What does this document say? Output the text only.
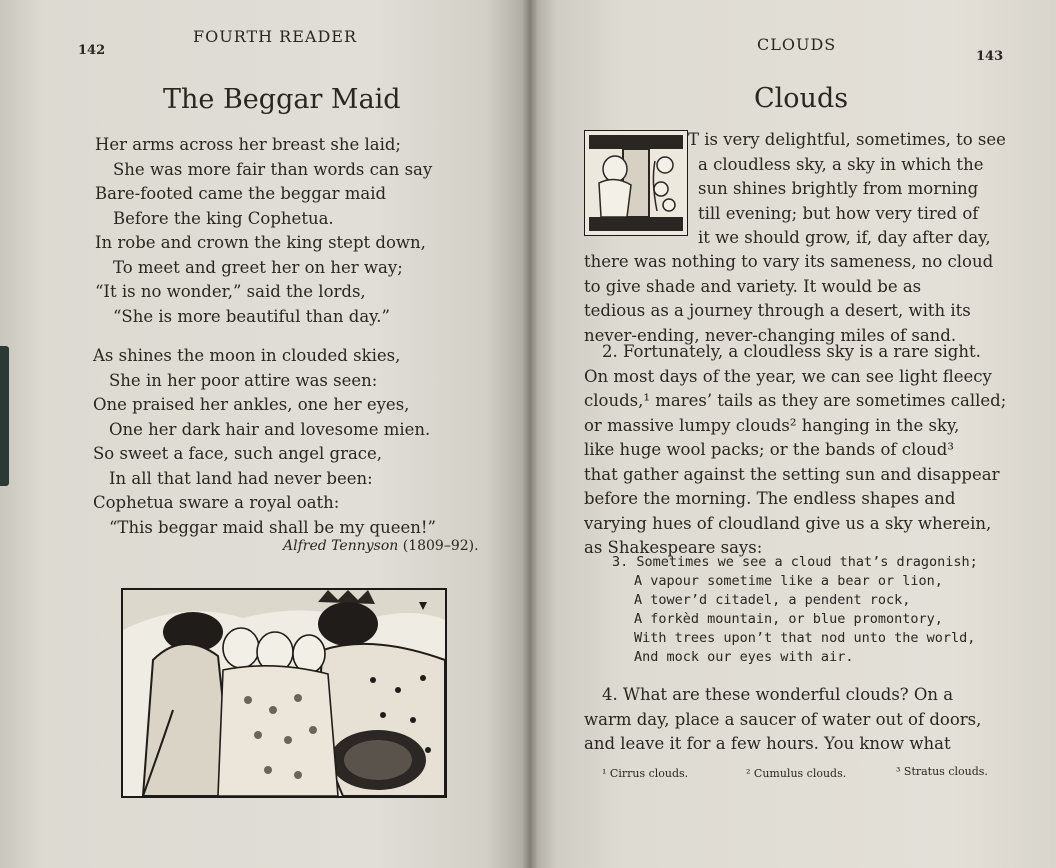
142
FOURTH READER
The Beggar Maid
Her arms across her breast she laid;
She was more fair than words can say
Bare-footed came the beggar maid
Before the king Cophetua.
In robe and crown the king stept down,
To meet and greet her on her way;
“It is no wonder,” said the lords,
“She is more beautiful than day.”
As shines the moon in clouded skies,
She in her poor attire was seen:
One praised her ankles, one her eyes,
One her dark hair and lovesome mien.
So sweet a face, such angel grace,
In all that land had never been:
Cophetua sware a royal oath:
“This beggar maid shall be my queen!”
Alfred Tennyson (1809–92).
CLOUDS
143
Clouds
T is very delightful, sometimes, to see
a cloudless sky, a sky in which the
sun shines brightly from morning
till evening; but how very tired of
it we should grow, if, day after day,
there was nothing to vary its sameness, no cloud
to give shade and variety. It would be as
tedious as a journey through a desert, with its
never-ending, never-changing miles of sand.
2. Fortunately, a cloudless sky is a rare sight.
On most days of the year, we can see light fleecy
clouds,¹ mares’ tails as they are sometimes called;
or massive lumpy clouds² hanging in the sky,
like huge wool packs; or the bands of cloud³
that gather against the setting sun and disappear
before the morning. The endless shapes and
varying hues of cloudland give us a sky wherein,
as Shakespeare says:
3. Sometimes we see a cloud that’s dragonish;
A vapour sometime like a bear or lion,
A tower’d citadel, a pendent rock,
A forkèd mountain, or blue promontory,
With trees upon’t that nod unto the world,
And mock our eyes with air.
4. What are these wonderful clouds? On a
warm day, place a saucer of water out of doors,
and leave it for a few hours. You know what
¹ Cirrus clouds.	² Cumulus clouds.	³ Stratus clouds.
